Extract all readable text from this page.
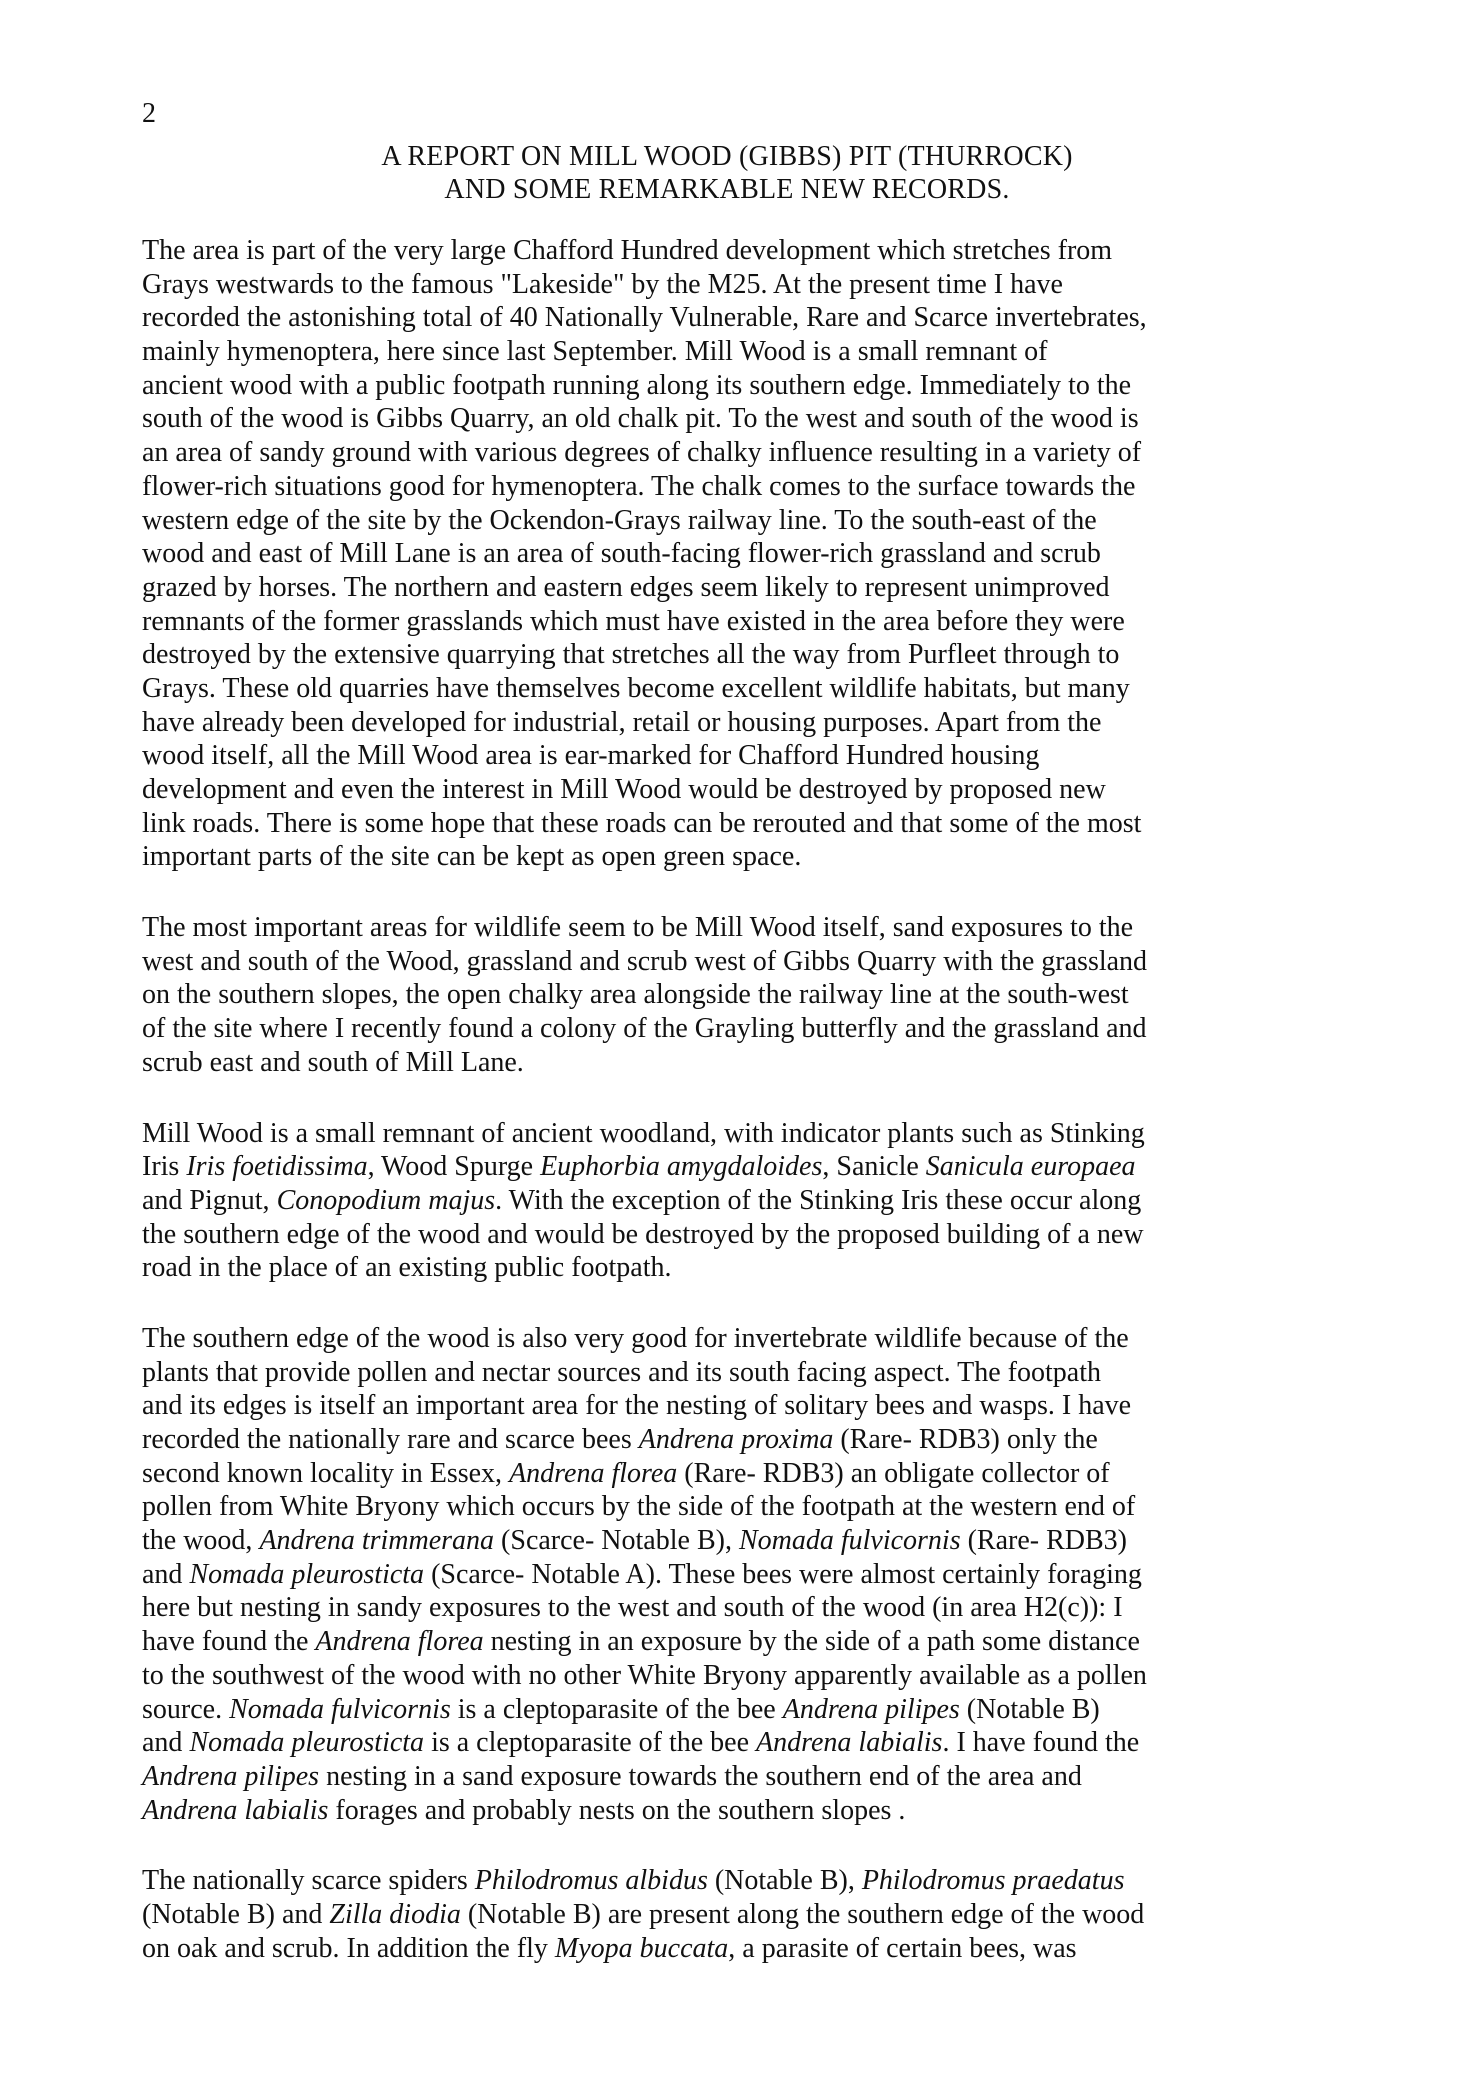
2
A REPORT ON MILL WOOD (GIBBS) PIT (THURROCK)
AND SOME REMARKABLE NEW RECORDS.
The area is part of the very large Chafford Hundred development which stretches from
Grays westwards to the famous "Lakeside" by the M25. At the present time I have
recorded the astonishing total of 40 Nationally Vulnerable, Rare and Scarce invertebrates,
mainly hymenoptera, here since last September. Mill Wood is a small remnant of
ancient wood with a public footpath running along its southern edge. Immediately to the
south of the wood is Gibbs Quarry, an old chalk pit. To the west and south of the wood is
an area of sandy ground with various degrees of chalky influence resulting in a variety of
flower-rich situations good for hymenoptera. The chalk comes to the surface towards the
western edge of the site by the Ockendon-Grays railway line. To the south-east of the
wood and east of Mill Lane is an area of south-facing flower-rich grassland and scrub
grazed by horses. The northern and eastern edges seem likely to represent unimproved
remnants of the former grasslands which must have existed in the area before they were
destroyed by the extensive quarrying that stretches all the way from Purfleet through to
Grays. These old quarries have themselves become excellent wildlife habitats, but many
have already been developed for industrial, retail or housing purposes. Apart from the
wood itself, all the Mill Wood area is ear-marked for Chafford Hundred housing
development and even the interest in Mill Wood would be destroyed by proposed new
link roads. There is some hope that these roads can be rerouted and that some of the most
important parts of the site can be kept as open green space.
The most important areas for wildlife seem to be Mill Wood itself, sand exposures to the
west and south of the Wood, grassland and scrub west of Gibbs Quarry with the grassland
on the southern slopes, the open chalky area alongside the railway line at the south-west
of the site where I recently found a colony of the Grayling butterfly and the grassland and
scrub east and south of Mill Lane.
Mill Wood is a small remnant of ancient woodland, with indicator plants such as Stinking
Iris Iris foetidissima, Wood Spurge Euphorbia amygdaloides, Sanicle Sanicula europaea
and Pignut, Conopodium majus. With the exception of the Stinking Iris these occur along
the southern edge of the wood and would be destroyed by the proposed building of a new
road in the place of an existing public footpath.
The southern edge of the wood is also very good for invertebrate wildlife because of the
plants that provide pollen and nectar sources and its south facing aspect. The footpath
and its edges is itself an important area for the nesting of solitary bees and wasps. I have
recorded the nationally rare and scarce bees Andrena proxima (Rare- RDB3) only the
second known locality in Essex, Andrena florea (Rare- RDB3) an obligate collector of
pollen from White Bryony which occurs by the side of the footpath at the western end of
the wood, Andrena trimmerana (Scarce- Notable B), Nomada fulvicornis (Rare- RDB3)
and Nomada pleurosticta (Scarce- Notable A). These bees were almost certainly foraging
here but nesting in sandy exposures to the west and south of the wood (in area H2(c)): I
have found the Andrena florea nesting in an exposure by the side of a path some distance
to the southwest of the wood with no other White Bryony apparently available as a pollen
source. Nomada fulvicornis is a cleptoparasite of the bee Andrena pilipes (Notable B)
and Nomada pleurosticta is a cleptoparasite of the bee Andrena labialis. I have found the
Andrena pilipes nesting in a sand exposure towards the southern end of the area and
Andrena labialis forages and probably nests on the southern slopes .
The nationally scarce spiders Philodromus albidus (Notable B), Philodromus praedatus
(Notable B) and Zilla diodia (Notable B) are present along the southern edge of the wood
on oak and scrub. In addition the fly Myopa buccata, a parasite of certain bees, was
